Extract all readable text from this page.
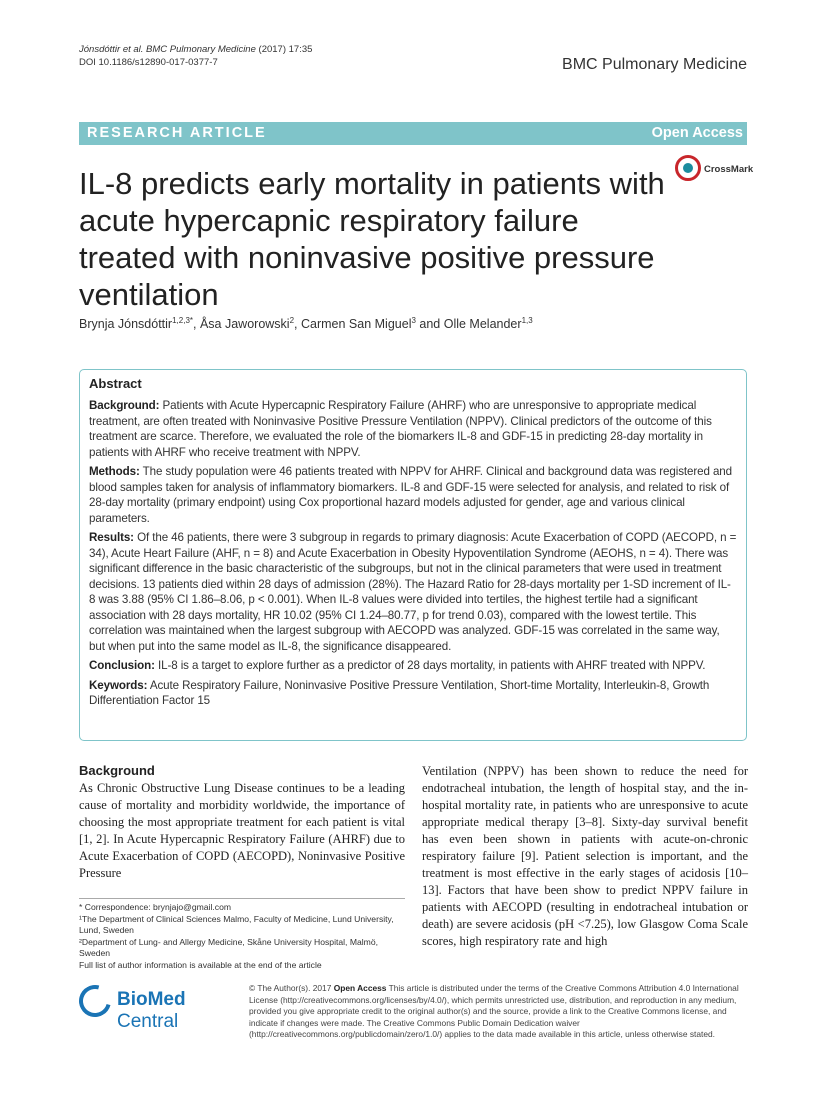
Jónsdóttir et al. BMC Pulmonary Medicine (2017) 17:35
DOI 10.1186/s12890-017-0377-7	BMC Pulmonary Medicine
RESEARCH ARTICLE	Open Access
IL-8 predicts early mortality in patients with acute hypercapnic respiratory failure treated with noninvasive positive pressure ventilation
CrossMark
Brynja Jónsdóttir$^{1,2,3*}$, Åsa Jaworowski$^2$, Carmen San Miguel$^3$ and Olle Melander$^{1,3}$
Abstract

Background: Patients with Acute Hypercapnic Respiratory Failure (AHRF) who are unresponsive to appropriate medical treatment, are often treated with Noninvasive Positive Pressure Ventilation (NPPV). Clinical predictors of the outcome of this treatment are scarce. Therefore, we evaluated the role of the biomarkers IL-8 and GDF-15 in predicting 28-day mortality in patients with AHRF who receive treatment with NPPV.

Methods: The study population were 46 patients treated with NPPV for AHRF. Clinical and background data was registered and blood samples taken for analysis of inflammatory biomarkers. IL-8 and GDF-15 were selected for analysis, and related to risk of 28-day mortality (primary endpoint) using Cox proportional hazard models adjusted for gender, age and various clinical parameters.

Results: Of the 46 patients, there were 3 subgroup in regards to primary diagnosis: Acute Exacerbation of COPD (AECOPD, n = 34), Acute Heart Failure (AHF, n = 8) and Acute Exacerbation in Obesity Hypoventilation Syndrome (AEOHS, n = 4). There was significant difference in the basic characteristic of the subgroups, but not in the clinical parameters that were used in treatment decisions. 13 patients died within 28 days of admission (28%). The Hazard Ratio for 28-days mortality per 1-SD increment of IL-8 was 3.88 (95% CI 1.86–8.06, p < 0.001). When IL-8 values were divided into tertiles, the highest tertile had a significant association with 28 days mortality, HR 10.02 (95% CI 1.24–80.77, p for trend 0.03), compared with the lowest tertile. This correlation was maintained when the largest subgroup with AECOPD was analyzed. GDF-15 was correlated in the same way, but when put into the same model as IL-8, the significance disappeared.

Conclusion: IL-8 is a target to explore further as a predictor of 28 days mortality, in patients with AHRF treated with NPPV.

Keywords: Acute Respiratory Failure, Noninvasive Positive Pressure Ventilation, Short-time Mortality, Interleukin-8, Growth Differentiation Factor 15

Background

As Chronic Obstructive Lung Disease continues to be a leading cause of mortality and morbidity worldwide, the importance of choosing the most appropriate treatment for each patient is vital [1, 2]. In Acute Hypercapnic Respiratory Failure (AHRF) due to Acute Exacerbation of COPD (AECOPD), Noninvasive Positive Pressure

Ventilation (NPPV) has been shown to reduce the need for endotracheal intubation, the length of hospital stay, and the in-hospital mortality rate, in patients who are unresponsive to acute appropriate medical therapy [3–8]. Sixty-day survival benefit has even been shown in patients with acute-on-chronic respiratory failure [9]. Patient selection is important, and the treatment is most effective in the early stages of acidosis [10–13]. Factors that have been show to predict NPPV failure in patients with AECOPD (resulting in endotracheal intubation or death) are severe acidosis (pH <7.25), low Glasgow Coma Scale scores, high respiratory rate and high

* Correspondence: brynjajo@gmail.com
¹The Department of Clinical Sciences Malmo, Faculty of Medicine, Lund University, Lund, Sweden
²Department of Lung- and Allergy Medicine, Skåne University Hospital, Malmö, Sweden
Full list of author information is available at the end of the article
BioMed Central
© The Author(s). 2017 Open Access This article is distributed under the terms of the Creative Commons Attribution 4.0 International License (http://creativecommons.org/licenses/by/4.0/), which permits unrestricted use, distribution, and reproduction in any medium, provided you give appropriate credit to the original author(s) and the source, provide a link to the Creative Commons license, and indicate if changes were made. The Creative Commons Public Domain Dedication waiver (http://creativecommons.org/publicdomain/zero/1.0/) applies to the data made available in this article, unless otherwise stated.
